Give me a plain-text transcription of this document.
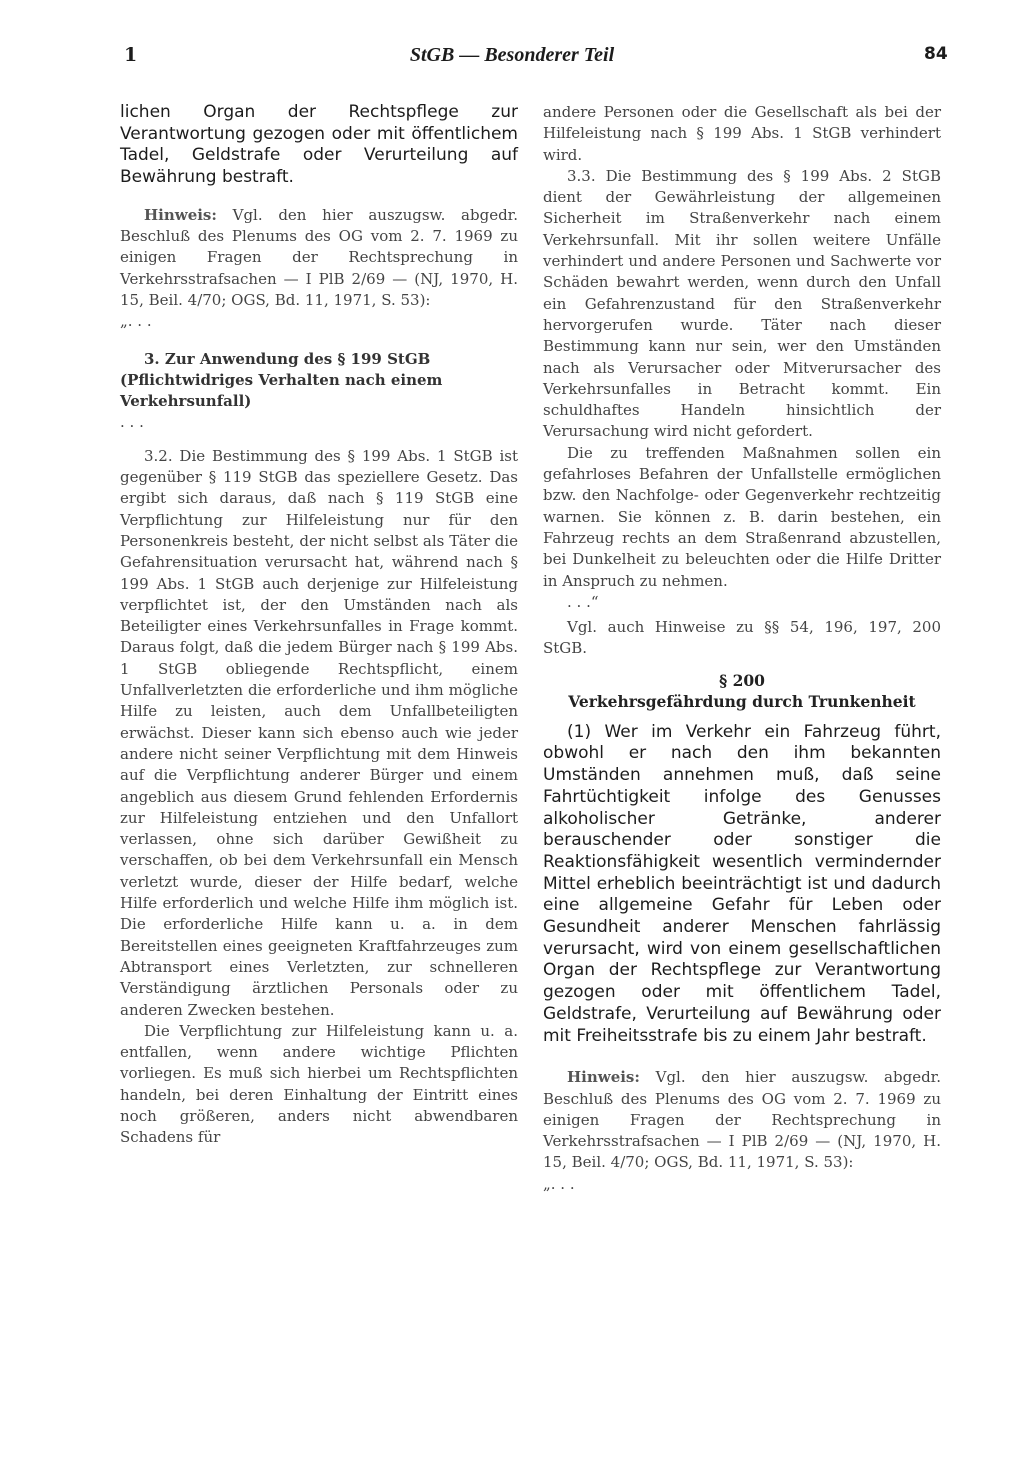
1	StGB — Besonderer Teil	84

lichen Organ der Rechtspflege zur Verantwortung gezogen oder mit öffentlichem Tadel, Geldstrafe oder Verurteilung auf Bewährung bestraft.

Hinweis: Vgl. den hier auszugsw. abgedr. Beschluß des Plenums des OG vom 2. 7. 1969 zu einigen Fragen der Rechtsprechung in Verkehrsstrafsachen — I PlB 2/69 — (NJ, 1970, H. 15, Beil. 4/70; OGS, Bd. 11, 1971, S. 53):

„. . .

3. Zur Anwendung des § 199 StGB (Pflichtwidriges Verhalten nach einem Verkehrsunfall)

. . .

3.2. Die Bestimmung des § 199 Abs. 1 StGB ist gegenüber § 119 StGB das speziellere Gesetz. Das ergibt sich daraus, daß nach § 119 StGB eine Verpflichtung zur Hilfeleistung nur für den Personenkreis besteht, der nicht selbst als Täter die Gefahrensituation verursacht hat, während nach § 199 Abs. 1 StGB auch derjenige zur Hilfeleistung verpflichtet ist, der den Umständen nach als Beteiligter eines Verkehrsunfalles in Frage kommt. Daraus folgt, daß die jedem Bürger nach § 199 Abs. 1 StGB obliegende Rechtspflicht, einem Unfallverletzten die erforderliche und ihm mögliche Hilfe zu leisten, auch dem Unfallbeteiligten erwächst. Dieser kann sich ebenso auch wie jeder andere nicht seiner Verpflichtung mit dem Hinweis auf die Verpflichtung anderer Bürger und einem angeblich aus diesem Grund fehlenden Erfordernis zur Hilfeleistung entziehen und den Unfallort verlassen, ohne sich darüber Gewißheit zu verschaffen, ob bei dem Verkehrsunfall ein Mensch verletzt wurde, dieser der Hilfe bedarf, welche Hilfe erforderlich und welche Hilfe ihm möglich ist. Die erforderliche Hilfe kann u. a. in dem Bereitstellen eines geeigneten Kraftfahrzeuges zum Abtransport eines Verletzten, zur schnelleren Verständigung ärztlichen Personals oder zu anderen Zwecken bestehen.

Die Verpflichtung zur Hilfeleistung kann u. a. entfallen, wenn andere wichtige Pflichten vorliegen. Es muß sich hierbei um Rechtspflichten handeln, bei deren Einhaltung der Eintritt eines noch größeren, anders nicht abwendbaren Schadens für

andere Personen oder die Gesellschaft als bei der Hilfeleistung nach § 199 Abs. 1 StGB verhindert wird.

3.3. Die Bestimmung des § 199 Abs. 2 StGB dient der Gewährleistung der allgemeinen Sicherheit im Straßenverkehr nach einem Verkehrsunfall. Mit ihr sollen weitere Unfälle verhindert und andere Personen und Sachwerte vor Schäden bewahrt werden, wenn durch den Unfall ein Gefahrenzustand für den Straßenverkehr hervorgerufen wurde. Täter nach dieser Bestimmung kann nur sein, wer den Umständen nach als Verursacher oder Mitverursacher des Verkehrsunfalles in Betracht kommt. Ein schuldhaftes Handeln hinsichtlich der Verursachung wird nicht gefordert.

Die zu treffenden Maßnahmen sollen ein gefahrloses Befahren der Unfallstelle ermöglichen bzw. den Nachfolge- oder Gegenverkehr rechtzeitig warnen. Sie können z. B. darin bestehen, ein Fahrzeug rechts an dem Straßenrand abzustellen, bei Dunkelheit zu beleuchten oder die Hilfe Dritter in Anspruch zu nehmen.

. . .“

Vgl. auch Hinweise zu §§ 54, 196, 197, 200 StGB.

§ 200

Verkehrsgefährdung durch Trunkenheit

(1) Wer im Verkehr ein Fahrzeug führt, obwohl er nach den ihm bekannten Umständen annehmen muß, daß seine Fahrtüchtigkeit infolge des Genusses alkoholischer Getränke, anderer berauschender oder sonstiger die Reaktionsfähigkeit wesentlich vermindernder Mittel erheblich beeinträchtigt ist und dadurch eine allgemeine Gefahr für Leben oder Gesundheit anderer Menschen fahrlässig verursacht, wird von einem gesellschaftlichen Organ der Rechtspflege zur Verantwortung gezogen oder mit öffentlichem Tadel, Geldstrafe, Verurteilung auf Bewährung oder mit Freiheitsstrafe bis zu einem Jahr bestraft.

Hinweis: Vgl. den hier auszugsw. abgedr. Beschluß des Plenums des OG vom 2. 7. 1969 zu einigen Fragen der Rechtsprechung in Verkehrsstrafsachen — I PlB 2/69 — (NJ, 1970, H. 15, Beil. 4/70; OGS, Bd. 11, 1971, S. 53):

„. . .
